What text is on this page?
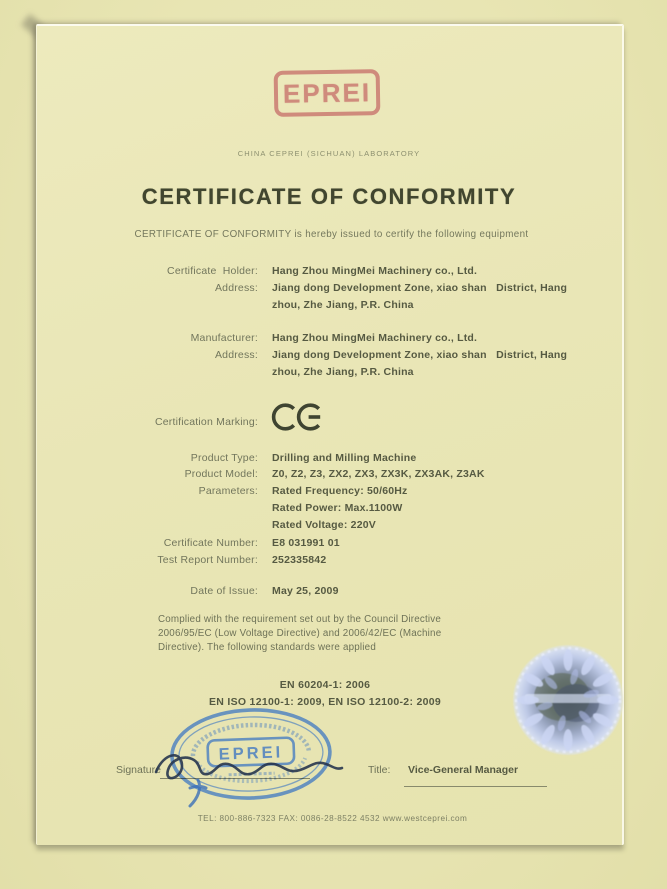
EPREI
CHINA CEPREI (SICHUAN) LABORATORY
CERTIFICATE OF CONFORMITY
CERTIFICATE OF CONFORMITY is hereby issued to certify the following equipment
Certificate  Holder: Hang Zhou MingMei Machinery co., Ltd.
Address: Jiang dong Development Zone, xiao shan   District, Hang
zhou, Zhe Jiang, P.R. China
Manufacturer: Hang Zhou MingMei Machinery co., Ltd.
Address: Jiang dong Development Zone, xiao shan   District, Hang
zhou, Zhe Jiang, P.R. China
Certification Marking:
Product Type: Drilling and Milling Machine
Product Model: Z0, Z2, Z3, ZX2, ZX3, ZX3K, ZX3AK, Z3AK
Parameters: Rated Frequency: 50/60Hz
Rated Power: Max.1100W
Rated Voltage: 220V
Certificate Number: E8 031991 01
Test Report Number: 252335842
Date of Issue: May 25, 2009
Complied with the requirement set out by the Council Directive
2006/95/EC (Low Voltage Directive) and 2006/42/EC (Machine
Directive). The following standards were applied
EN 60204-1: 2006
EN ISO 12100-1: 2009, EN ISO 12100-2: 2009
Signature	Title: Vice-General Manager
EPREI
TEL: 800-886-7323 FAX: 0086-28-8522 4532 www.westceprei.com
